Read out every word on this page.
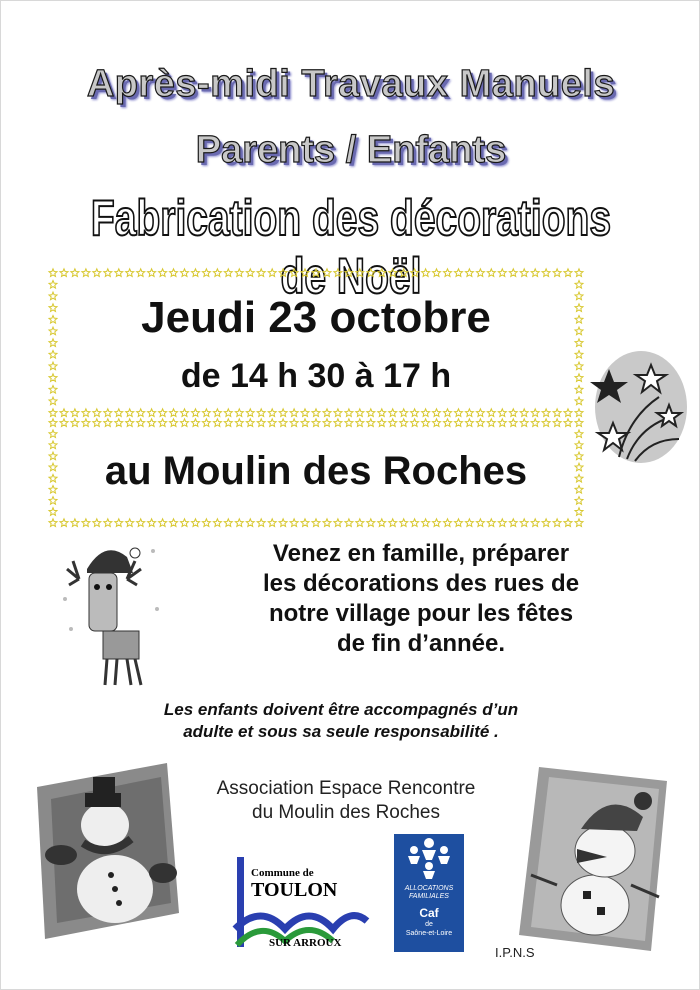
Après-midi Travaux Manuels
Parents / Enfants
Fabrication des décorations de Noël
Jeudi 23 octobre
de 14 h 30 à 17 h
au Moulin des Roches
Venez en famille, préparer
les décorations des rues de
notre village pour les fêtes
de fin d’année.
Les enfants doivent être accompagnés d’un
adulte et sous sa seule responsabilité .
Association Espace Rencontre
du Moulin des Roches
Commune de
TOULON
SUR ARROUX
ALLOCATIONS
FAMILIALES
Caf
de
Saône-et-Loire
I.P.N.S
